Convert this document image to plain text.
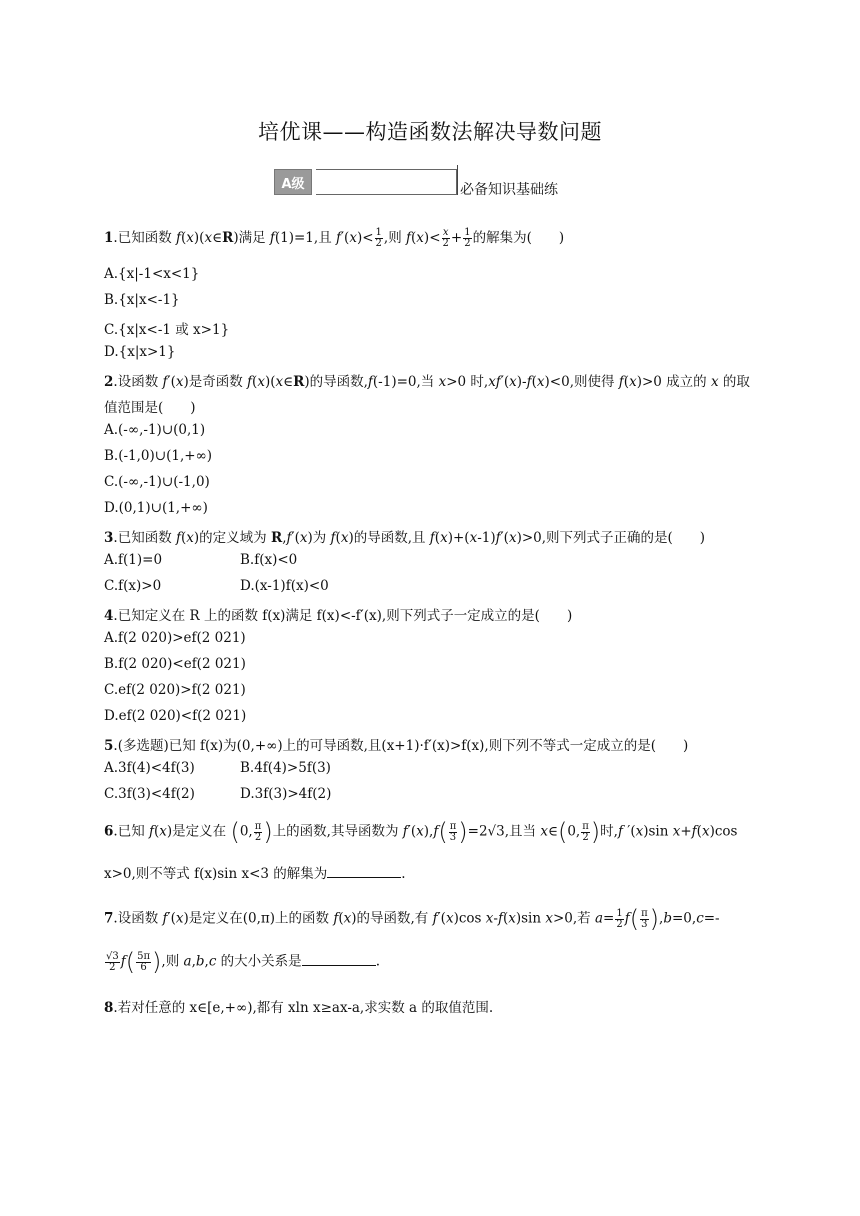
培优课——构造函数法解决导数问题
A级	必备知识基础练
1.已知函数 f(x)(x∈R)满足 f(1)=1,且 $f'(x)< \frac{1}{2}$ ,则 $f(x)< \frac{x}{2} + \frac{1}{2}$ 的解集为(　　)
A.{x|-1<x<1}
B.{x|x<-1}
C.{x|x<-1 或 x>1}
D.{x|x>1}
2.设函数 f′(x)是奇函数 f(x)(x∈R)的导函数,f(-1)=0,当 x>0 时,xf′(x)-f(x)<0,则使得 f(x)>0 成立的 x 的取
值范围是(　　)
A.(-∞,-1)∪(0,1)
B.(-1,0)∪(1,+∞)
C.(-∞,-1)∪(-1,0)
D.(0,1)∪(1,+∞)
3.已知函数 f(x)的定义域为 R,f′(x)为 f(x)的导函数,且 f(x)+(x-1)f′(x)>0,则下列式子正确的是(　　)
A.f(1)=0	B.f(x)<0
C.f(x)>0	D.(x-1)f(x)<0
4.已知定义在 R 上的函数 f(x)满足 f(x)<-f′(x),则下列式子一定成立的是(　　)
A.f(2 020)>ef(2 021)
B.f(2 020)<ef(2 021)
C.ef(2 020)>f(2 021)
D.ef(2 020)<f(2 021)
5.(多选题)已知 f(x)为(0,+∞)上的可导函数,且(x+1)·f′(x)>f(x),则下列不等式一定成立的是(　　)
A.3f(4)<4f(3)	B.4f(4)>5f(3)
C.3f(3)<4f(2)	D.3f(3)>4f(2)
6.已知 f(x)是定义在 (0, $\frac{\pi}{2}$ )上的函数,其导函数为 $f'(x),f( \frac{\pi}{3} )=2√3$,且当 x∈(0, $\frac{\pi}{2}$ )时,f ′(x)sin x+f(x)cos
x>0,则不等式 f(x)sin x<3 的解集为	.
7.设函数 f′(x)是定义在(0,π)上的函数 f(x)的导函数,有 f′(x)cos x-f(x)sin x>0,若 $a= \frac{1}{2} f( \frac{\pi}{3} ),b=0,c=-$
$\frac{√3}{2} f( \frac{5\pi}{6}$ ),则 a,b,c 的大小关系是	.
8.若对任意的 x∈[e,+∞),都有 xln x≥ax-a,求实数 a 的取值范围.
